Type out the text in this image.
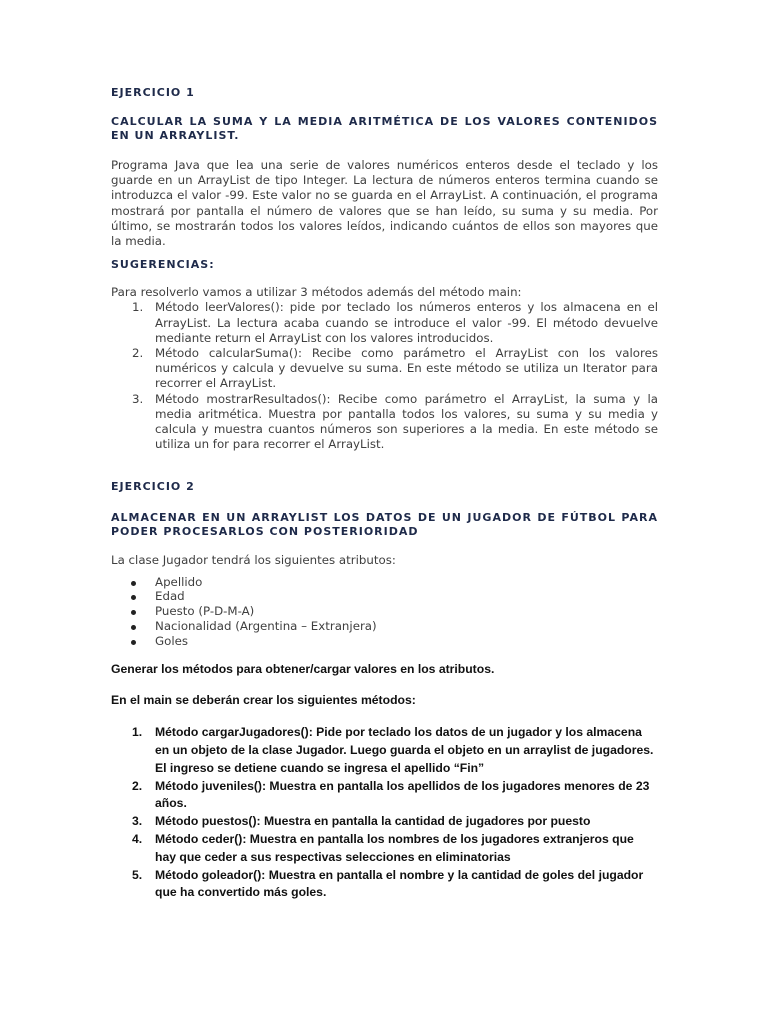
EJERCICIO 1

CALCULAR LA SUMA Y LA MEDIA ARITMÉTICA DE LOS VALORES CONTENIDOS EN UN ARRAYLIST.

Programa Java que lea una serie de valores numéricos enteros desde el teclado y los guarde en un ArrayList de tipo Integer. La lectura de números enteros termina cuando se introduzca el valor -99. Este valor no se guarda en el ArrayList. A continuación, el programa mostrará por pantalla el número de valores que se han leído, su suma y su media. Por último, se mostrarán todos los valores leídos, indicando cuántos de ellos son mayores que la media.

SUGERENCIAS:

Para resolverlo vamos a utilizar 3 métodos además del método main:

1. Método leerValores(): pide por teclado los números enteros y los almacena en el ArrayList. La lectura acaba cuando se introduce el valor -99. El método devuelve mediante return el ArrayList con los valores introducidos.
2. Método calcularSuma(): Recibe como parámetro el ArrayList con los valores numéricos y calcula y devuelve su suma. En este método se utiliza un Iterator para recorrer el ArrayList.
3. Método mostrarResultados(): Recibe como parámetro el ArrayList, la suma y la media aritmética. Muestra por pantalla todos los valores, su suma y su media y calcula y muestra cuantos números son superiores a la media. En este método se utiliza un for para recorrer el ArrayList.

EJERCICIO 2

ALMACENAR EN UN ARRAYLIST LOS DATOS DE UN JUGADOR DE FÚTBOL PARA PODER PROCESARLOS CON POSTERIORIDAD

La clase Jugador tendrá los siguientes atributos:

Apellido
Edad
Puesto (P-D-M-A)
Nacionalidad (Argentina – Extranjera)
Goles

Generar los métodos para obtener/cargar valores en los atributos.

En el main se deberán crear los siguientes métodos:

1. Método cargarJugadores(): Pide por teclado los datos de un jugador y los almacena en un objeto de la clase Jugador. Luego guarda el objeto en un arraylist de jugadores. El ingreso se detiene cuando se ingresa el apellido “Fin”
2. Método juveniles(): Muestra en pantalla los apellidos de los jugadores menores de 23 años.
3. Método puestos(): Muestra en pantalla la cantidad de jugadores por puesto
4. Método ceder(): Muestra en pantalla los nombres de los jugadores extranjeros que hay que ceder a sus respectivas selecciones en eliminatorias
5. Método goleador(): Muestra en pantalla el nombre y la cantidad de goles del jugador que ha convertido más goles.
